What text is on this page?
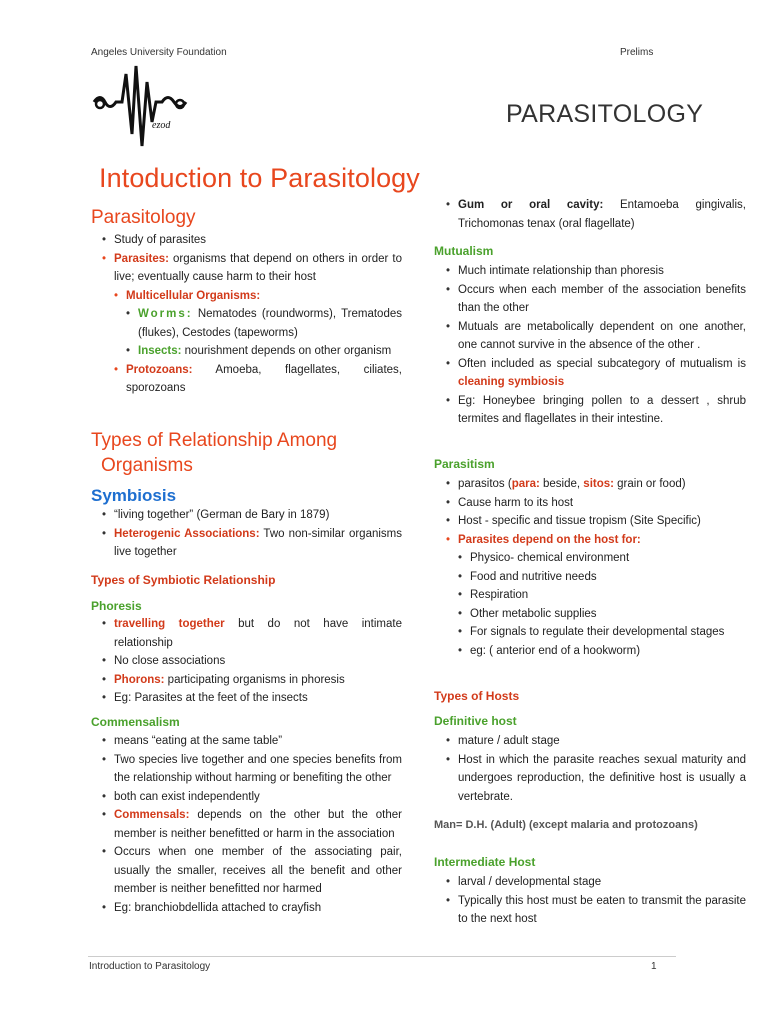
Angeles University Foundation	Prelims
ezod	PARASITOLOGY
Intoduction to Parasitology
Parasitology
• Study of parasites
• Parasites: organisms that depend on others in order to live; eventually cause harm to their host
• Multicellular Organisms:
• Worms: Nematodes (roundworms), Trematodes (flukes), Cestodes (tapeworms)
• Insects: nourishment depends on other organism
• Protozoans: Amoeba, flagellates, ciliates, sporozoans
Types of Relationship Among
Organisms
Symbiosis
• “living together” (German de Bary in 1879)
• Heterogenic Associations: Two non-similar organisms live together
Types of Symbiotic Relationship
Phoresis
• travelling together but do not have intimate relationship
• No close associations
• Phorons: participating organisms in phoresis
• Eg: Parasites at the feet of the insects
Commensalism
• means “eating at the same table”
• Two species live together and one species benefits from the relationship without harming or benefiting the other
• both can exist independently
• Commensals: depends on the other but the other member is neither benefitted or harm in the association
• Occurs when one member of the associating pair, usually the smaller, receives all the benefit and other member is neither benefitted nor harmed
• Eg: branchiobdellida attached to crayfish
• Gum or oral cavity: Entamoeba gingivalis, Trichomonas tenax (oral flagellate)
Mutualism
• Much intimate relationship than phoresis
• Occurs when each member of the association benefits than the other
• Mutuals are metabolically dependent on one another, one cannot survive in the absence of the other .
• Often included as special subcategory of mutualism is cleaning symbiosis
• Eg: Honeybee bringing pollen to a dessert , shrub termites and flagellates in their intestine.
Parasitism
• parasitos (para: beside, sitos: grain or food)
• Cause harm to its host
• Host - specific and tissue tropism (Site Specific)
• Parasites depend on the host for:
• Physico- chemical environment
• Food and nutritive needs
• Respiration
• Other metabolic supplies
• For signals to regulate their developmental stages
• eg: ( anterior end of a hookworm)
Types of Hosts
Definitive host
• mature / adult stage
• Host in which the parasite reaches sexual maturity and undergoes reproduction, the definitive host is usually a vertebrate.
Man= D.H. (Adult) (except malaria and protozoans)
Intermediate Host
• larval / developmental stage
• Typically this host must be eaten to transmit the parasite to the next host
Introduction to Parasitology	1
